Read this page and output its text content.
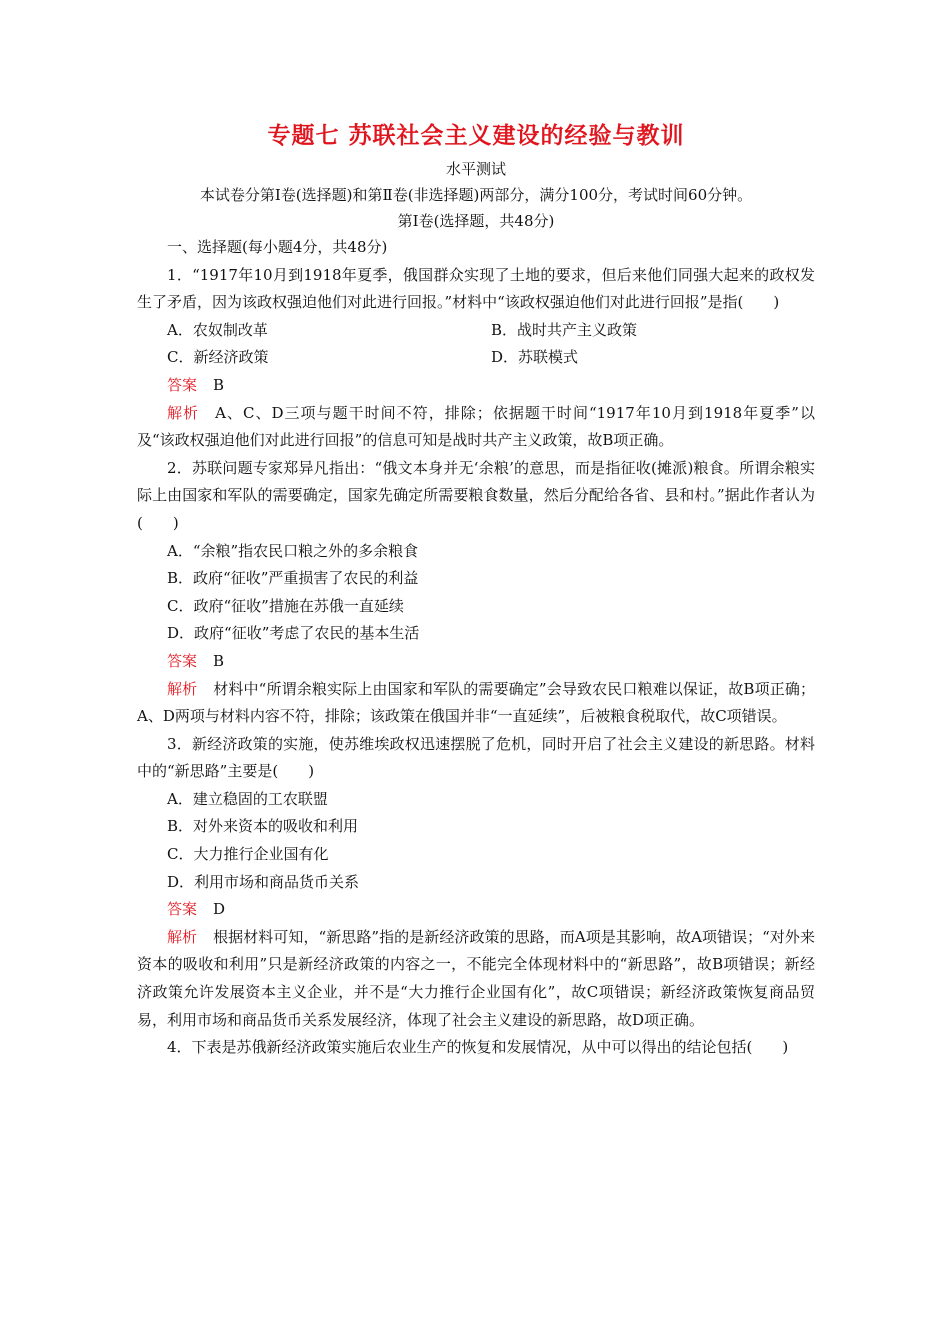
专题七 苏联社会主义建设的经验与教训
水平测试
本试卷分第Ⅰ卷(选择题)和第Ⅱ卷(非选择题)两部分，满分100分，考试时间60分钟。
第Ⅰ卷(选择题，共48分)

一、选择题(每小题4分，共48分)

1．“1917年10月到1918年夏季，俄国群众实现了土地的要求，但后来他们同强大起来的政权发生了矛盾，因为该政权强迫他们对此进行回报。”材料中“该政权强迫他们对此进行回报”是指(　　)

A．农奴制改革	B．战时共产主义政策
C．新经济政策	D．苏联模式

答案 B

解析 A、C、D三项与题干时间不符，排除；依据题干时间“1917年10月到1918年夏季”以及“该政权强迫他们对此进行回报”的信息可知是战时共产主义政策，故B项正确。

2．苏联问题专家郑异凡指出：“俄文本身并无‘余粮’的意思，而是指征收(摊派)粮食。所谓余粮实际上由国家和军队的需要确定，国家先确定所需要粮食数量，然后分配给各省、县和村。”据此作者认为(　　)

A．“余粮”指农民口粮之外的多余粮食

B．政府“征收”严重损害了农民的利益

C．政府“征收”措施在苏俄一直延续

D．政府“征收”考虑了农民的基本生活

答案 B

解析 材料中“所谓余粮实际上由国家和军队的需要确定”会导致农民口粮难以保证，故B项正确；A、D两项与材料内容不符，排除；该政策在俄国并非“一直延续”，后被粮食税取代，故C项错误。

3．新经济政策的实施，使苏维埃政权迅速摆脱了危机，同时开启了社会主义建设的新思路。材料中的“新思路”主要是(　　)

A．建立稳固的工农联盟

B．对外来资本的吸收和利用

C．大力推行企业国有化

D．利用市场和商品货币关系

答案 D

解析 根据材料可知，“新思路”指的是新经济政策的思路，而A项是其影响，故A项错误；“对外来资本的吸收和利用”只是新经济政策的内容之一，不能完全体现材料中的“新思路”，故B项错误；新经济政策允许发展资本主义企业，并不是“大力推行企业国有化”，故C项错误；新经济政策恢复商品贸易，利用市场和商品货币关系发展经济，体现了社会主义建设的新思路，故D项正确。

4．下表是苏俄新经济政策实施后农业生产的恢复和发展情况，从中可以得出的结论包括(　　)
